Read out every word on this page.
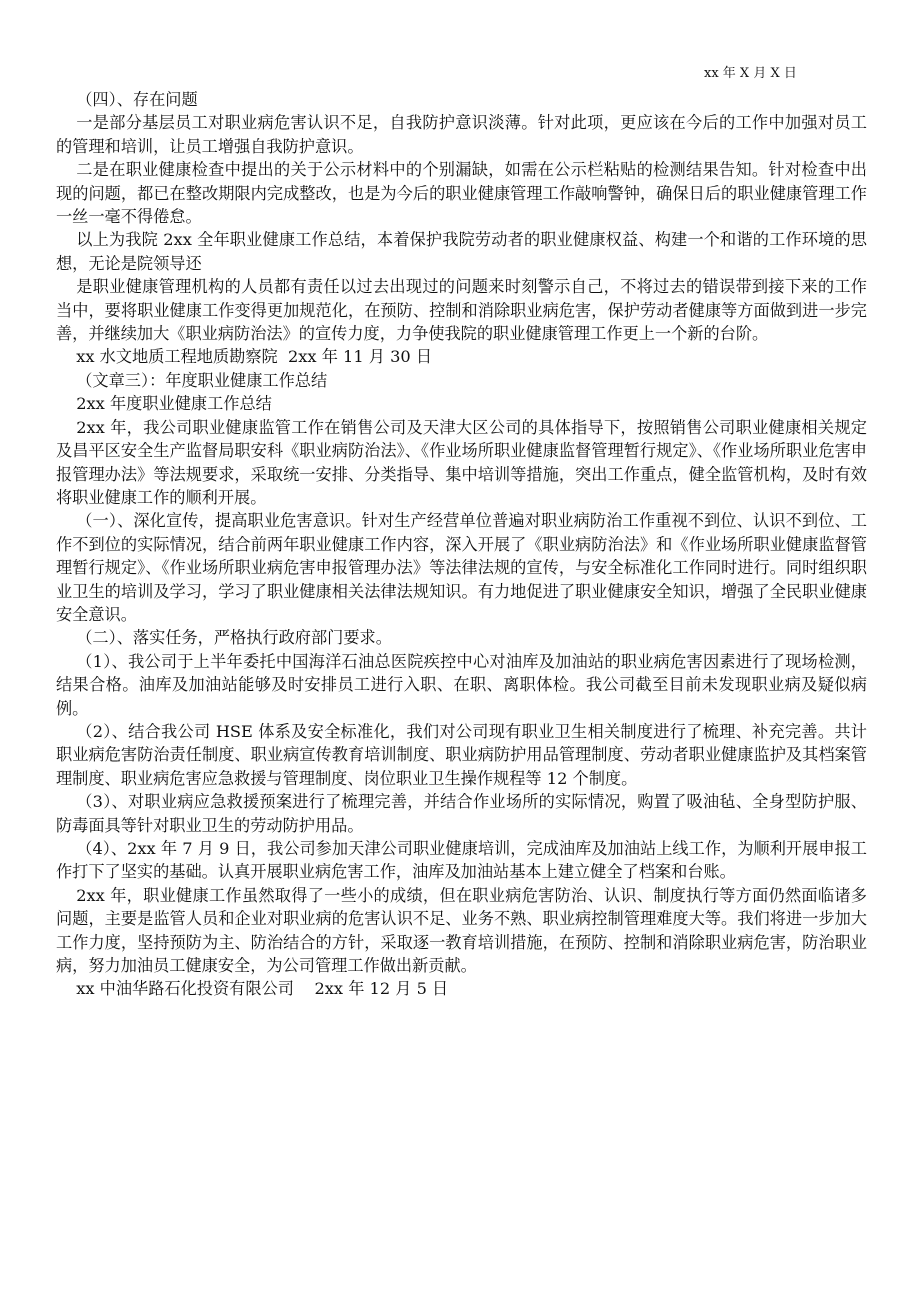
xx 年 X 月 X 日

（四）、存在问题

一是部分基层员工对职业病危害认识不足，自我防护意识淡薄。针对此项，更应该在今后的工作中加强对员工的管理和培训，让员工增强自我防护意识。

二是在职业健康检查中提出的关于公示材料中的个别漏缺，如需在公示栏粘贴的检测结果告知。针对检查中出现的问题，都已在整改期限内完成整改，也是为今后的职业健康管理工作敲响警钟，确保日后的职业健康管理工作一丝一毫不得倦怠。

以上为我院 2xx 全年职业健康工作总结，本着保护我院劳动者的职业健康权益、构建一个和谐的工作环境的思想，无论是院领导还

是职业健康管理机构的人员都有责任以过去出现过的问题来时刻警示自己，不将过去的错误带到接下来的工作当中，要将职业健康工作变得更加规范化，在预防、控制和消除职业病危害，保护劳动者健康等方面做到进一步完善，并继续加大《职业病防治法》的宣传力度，力争使我院的职业健康管理工作更上一个新的台阶。

xx 水文地质工程地质勘察院  2xx 年 11 月 30 日

（文章三）：年度职业健康工作总结

2xx 年度职业健康工作总结

2xx 年，我公司职业健康监管工作在销售公司及天津大区公司的具体指导下，按照销售公司职业健康相关规定及昌平区安全生产监督局职安科《职业病防治法》、《作业场所职业健康监督管理暂行规定》、《作业场所职业危害申报管理办法》等法规要求，采取统一安排、分类指导、集中培训等措施，突出工作重点，健全监管机构，及时有效将职业健康工作的顺利开展。

（一）、深化宣传，提高职业危害意识。针对生产经营单位普遍对职业病防治工作重视不到位、认识不到位、工作不到位的实际情况，结合前两年职业健康工作内容，深入开展了《职业病防治法》和《作业场所职业健康监督管理暂行规定》、《作业场所职业病危害申报管理办法》等法律法规的宣传，与安全标准化工作同时进行。同时组织职业卫生的培训及学习，学习了职业健康相关法律法规知识。有力地促进了职业健康安全知识，增强了全民职业健康安全意识。

（二）、落实任务，严格执行政府部门要求。

（1）、我公司于上半年委托中国海洋石油总医院疾控中心对油库及加油站的职业病危害因素进行了现场检测，结果合格。油库及加油站能够及时安排员工进行入职、在职、离职体检。我公司截至目前未发现职业病及疑似病例。

（2）、结合我公司 HSE 体系及安全标准化，我们对公司现有职业卫生相关制度进行了梳理、补充完善。共计职业病危害防治责任制度、职业病宣传教育培训制度、职业病防护用品管理制度、劳动者职业健康监护及其档案管理制度、职业病危害应急救援与管理制度、岗位职业卫生操作规程等 12 个制度。

（3）、对职业病应急救援预案进行了梳理完善，并结合作业场所的实际情况，购置了吸油毡、全身型防护服、防毒面具等针对职业卫生的劳动防护用品。

（4）、2xx 年 7 月 9 日，我公司参加天津公司职业健康培训，完成油库及加油站上线工作，为顺利开展申报工作打下了坚实的基础。认真开展职业病危害工作，油库及加油站基本上建立健全了档案和台账。

2xx 年，职业健康工作虽然取得了一些小的成绩，但在职业病危害防治、认识、制度执行等方面仍然面临诸多问题，主要是监管人员和企业对职业病的危害认识不足、业务不熟、职业病控制管理难度大等。我们将进一步加大工作力度，坚持预防为主、防治结合的方针，采取逐一教育培训措施，在预防、控制和消除职业病危害，防治职业病，努力加油员工健康安全，为公司管理工作做出新贡献。

xx 中油华路石化投资有限公司    2xx 年 12 月 5 日
